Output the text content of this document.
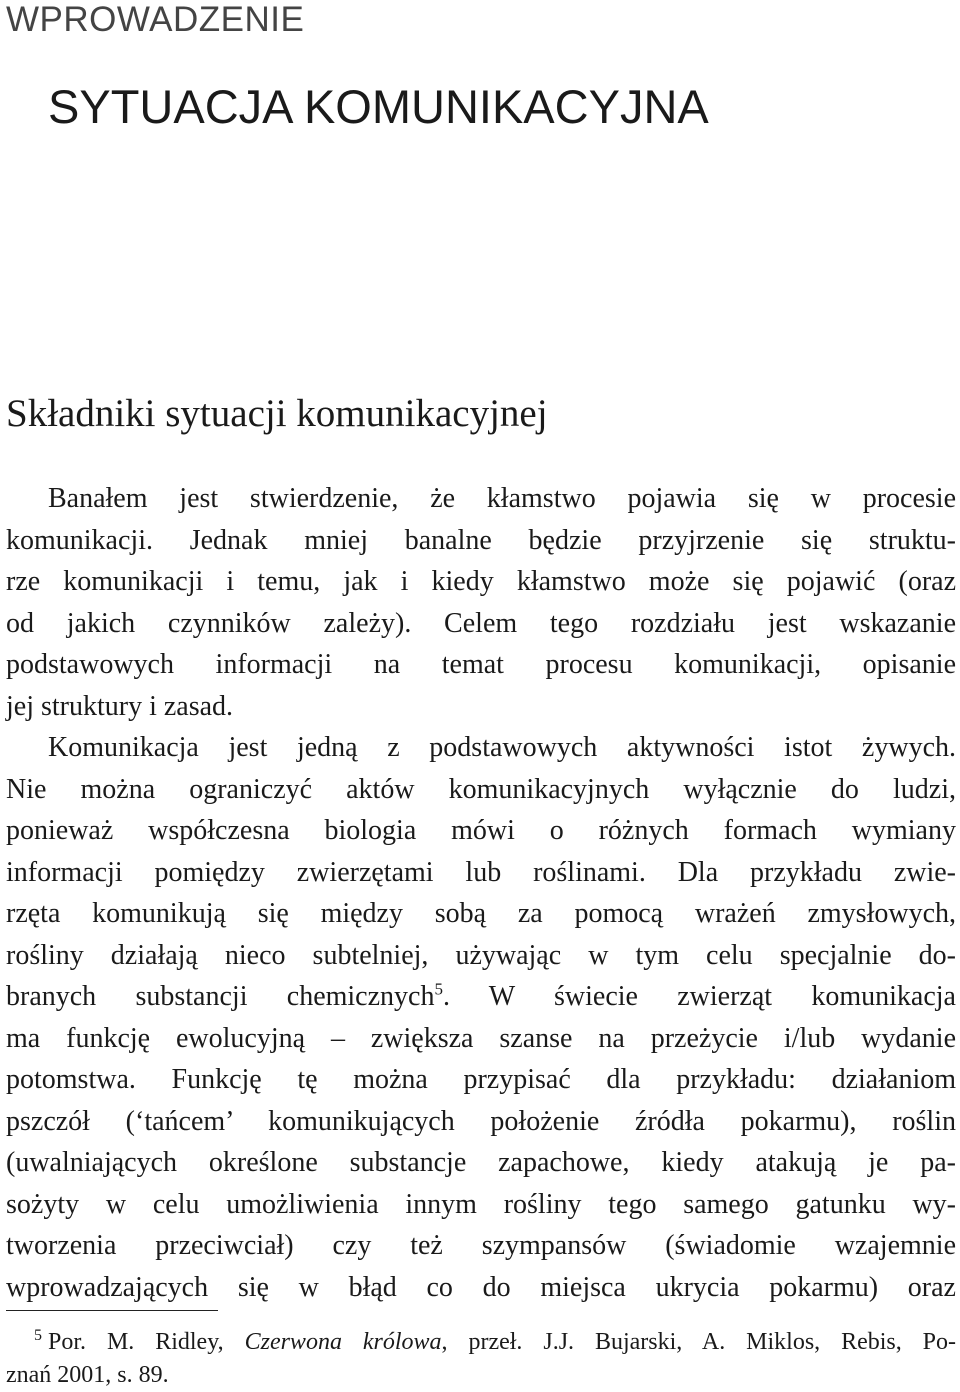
WPROWADZENIE
SYTUACJA KOMUNIKACYJNA
Składniki sytuacji komunikacyjnej
Banałem jest stwierdzenie, że kłamstwo pojawia się w procesie
komunikacji. Jednak mniej banalne będzie przyjrzenie się struktu-
rze komunikacji i temu, jak i kiedy kłamstwo może się pojawić (oraz
od jakich czynników zależy). Celem tego rozdziału jest wskazanie
podstawowych informacji na temat procesu komunikacji, opisanie
jej struktury i zasad.
Komunikacja jest jedną z podstawowych aktywności istot żywych.
Nie można ograniczyć aktów komunikacyjnych wyłącznie do ludzi,
ponieważ współczesna biologia mówi o różnych formach wymiany
informacji pomiędzy zwierzętami lub roślinami. Dla przykładu zwie-
rzęta komunikują się między sobą za pomocą wrażeń zmysłowych,
rośliny działają nieco subtelniej, używając w tym celu specjalnie do-
branych substancji chemicznych$^5$. W świecie zwierząt komunikacja
ma funkcję ewolucyjną – zwiększa szanse na przeżycie i/lub wydanie
potomstwa. Funkcję tę można przypisać dla przykładu: działaniom
pszczół (‘tańcem’ komunikujących położenie źródła pokarmu), roślin
(uwalniających określone substancje zapachowe, kiedy atakują je pa-
sożyty w celu umożliwienia innym rośliny tego samego gatunku wy-
tworzenia przeciwciał) czy też szympansów (świadomie wzajemnie
wprowadzających się w błąd co do miejsca ukrycia pokarmu) oraz
$^5$ Por. M. Ridley, Czerwona królowa, przeł. J.J. Bujarski, A. Miklos, Rebis, Po-
znań 2001, s. 89.
